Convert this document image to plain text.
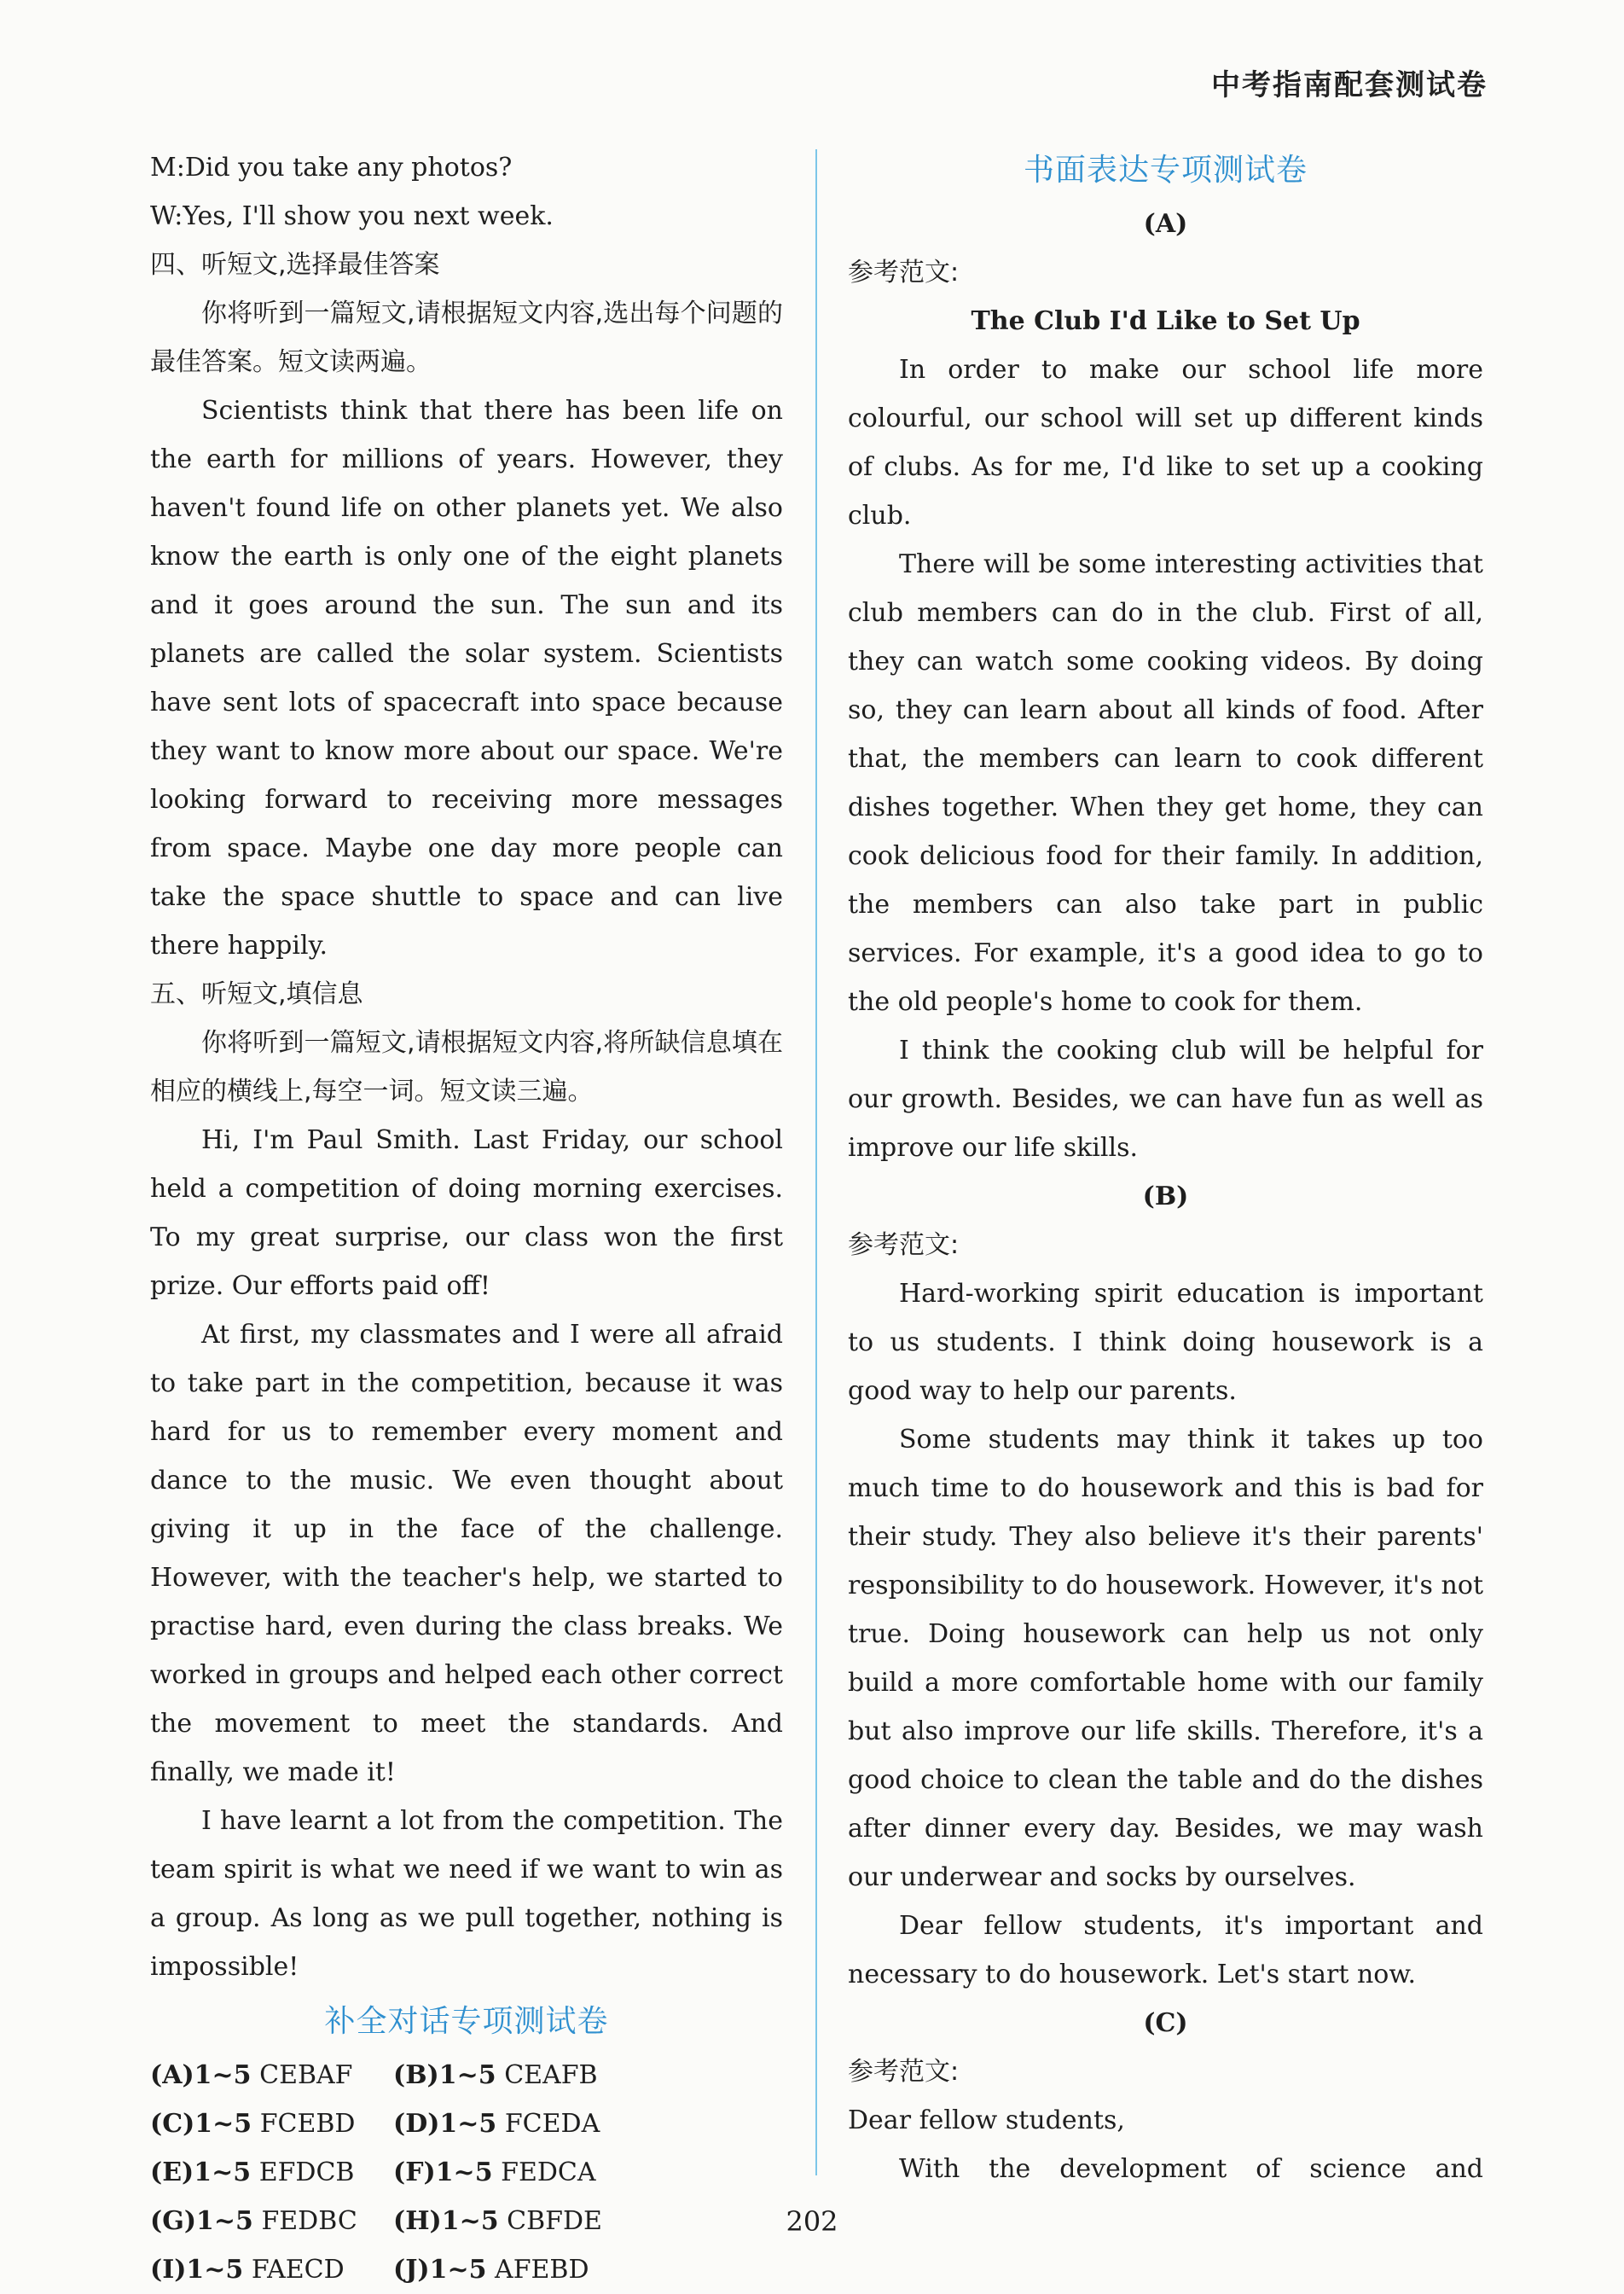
中考指南配套测试卷

M:Did you take any photos?

W:Yes, I'll show you next week.

四、听短文,选择最佳答案

你将听到一篇短文,请根据短文内容,选出每个问题的最佳答案。短文读两遍。

Scientists think that there has been life on the earth for millions of years. However, they haven't found life on other planets yet. We also know the earth is only one of the eight planets and it goes around the sun. The sun and its planets are called the solar system. Scientists have sent lots of spacecraft into space because they want to know more about our space. We're looking forward to receiving more messages from space. Maybe one day more people can take the space shuttle to space and can live there happily.

五、听短文,填信息

你将听到一篇短文,请根据短文内容,将所缺信息填在相应的横线上,每空一词。短文读三遍。

Hi, I'm Paul Smith. Last Friday, our school held a competition of doing morning exercises. To my great surprise, our class won the first prize. Our efforts paid off!

At first, my classmates and I were all afraid to take part in the competition, because it was hard for us to remember every moment and dance to the music. We even thought about giving it up in the face of the challenge. However, with the teacher's help, we started to practise hard, even during the class breaks. We worked in groups and helped each other correct the movement to meet the standards. And finally, we made it!

I have learnt a lot from the competition. The team spirit is what we need if we want to win as a group. As long as we pull together, nothing is impossible!

补全对话专项测试卷

(A)1~5 CEBAF	(B)1~5 CEAFB
(C)1~5 FCEBD	(D)1~5 FCEDA
(E)1~5 EFDCB	(F)1~5 FEDCA
(G)1~5 FEDBC	(H)1~5 CBFDE
(I)1~5 FAECD	(J)1~5 AFEBD

书面表达专项测试卷

(A)

参考范文:

The Club I'd Like to Set Up

In order to make our school life more colourful, our school will set up different kinds of clubs. As for me, I'd like to set up a cooking club.

There will be some interesting activities that club members can do in the club. First of all, they can watch some cooking videos. By doing so, they can learn about all kinds of food. After that, the members can learn to cook different dishes together. When they get home, they can cook delicious food for their family. In addition, the members can also take part in public services. For example, it's a good idea to go to the old people's home to cook for them.

I think the cooking club will be helpful for our growth. Besides, we can have fun as well as improve our life skills.

(B)

参考范文:

Hard-working spirit education is important to us students. I think doing housework is a good way to help our parents.

Some students may think it takes up too much time to do housework and this is bad for their study. They also believe it's their parents' responsibility to do housework. However, it's not true. Doing housework can help us not only build a more comfortable home with our family but also improve our life skills. Therefore, it's a good choice to clean the table and do the dishes after dinner every day. Besides, we may wash our underwear and socks by ourselves.

Dear fellow students, it's important and necessary to do housework. Let's start now.

(C)

参考范文:

Dear fellow students,

With the development of science and

202
